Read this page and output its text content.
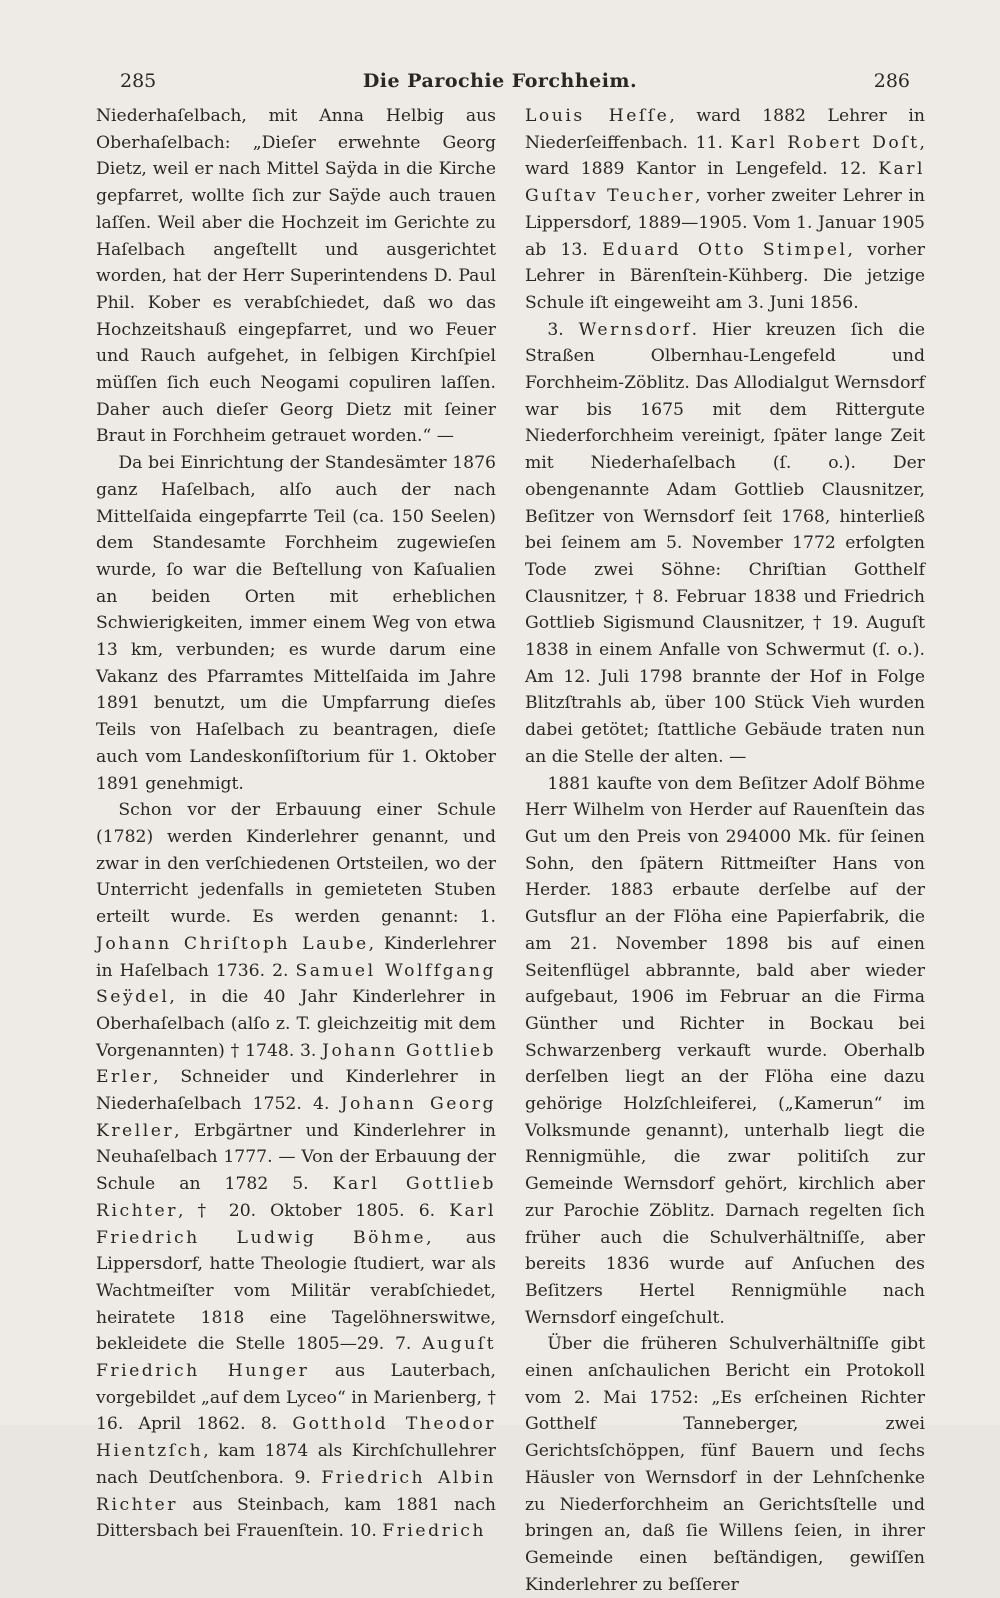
285	Die Parochie Forchheim.	286

Niederhaſelbach, mit Anna Helbig aus Oberhaſelbach: „Dieſer erwehnte Georg Dietz, weil er nach Mittel Saÿda in die Kirche gepfarret, wollte ſich zur Saÿde auch trauen laſſen. Weil aber die Hochzeit im Gerichte zu Haſelbach angeſtellt und ausgerichtet worden, hat der Herr Superintendens D. Paul Phil. Kober es verabſchiedet, daß wo das Hochzeitshauß eingepfarret, und wo Feuer und Rauch aufgehet, in ſelbigen Kirchſpiel müſſen ſich euch Neogami copuliren laſſen. Daher auch dieſer Georg Dietz mit ſeiner Braut in Forchheim getrauet worden.“ —

Da bei Einrichtung der Standesämter 1876 ganz Haſelbach, alſo auch der nach Mittelſaida eingepfarrte Teil (ca. 150 Seelen) dem Standesamte Forchheim zugewieſen wurde, ſo war die Beſtellung von Kaſualien an beiden Orten mit erheblichen Schwierigkeiten, immer einem Weg von etwa 13 km, verbunden; es wurde darum eine Vakanz des Pfarramtes Mittelſaida im Jahre 1891 benutzt, um die Umpfarrung dieſes Teils von Haſelbach zu beantragen, dieſe auch vom Landeskonſiſtorium für 1. Oktober 1891 genehmigt.

Schon vor der Erbauung einer Schule (1782) werden Kinderlehrer genannt, und zwar in den verſchiedenen Ortsteilen, wo der Unterricht jedenfalls in gemieteten Stuben erteilt wurde. Es werden genannt: 1. Johann Chriſtoph Laube, Kinderlehrer in Haſelbach 1736. 2. Samuel Wolffgang Seÿdel, in die 40 Jahr Kinderlehrer in Oberhaſelbach (alſo z. T. gleichzeitig mit dem Vorgenannten) † 1748. 3. Johann Gottlieb Erler, Schneider und Kinderlehrer in Niederhaſelbach 1752. 4. Johann Georg Kreller, Erbgärtner und Kinderlehrer in Neuhaſelbach 1777. — Von der Erbauung der Schule an 1782 5. Karl Gottlieb Richter, † 20. Oktober 1805. 6. Karl Friedrich Ludwig Böhme, aus Lippersdorf, hatte Theologie ſtudiert, war als Wachtmeiſter vom Militär verabſchiedet, heiratete 1818 eine Tagelöhnerswitwe, bekleidete die Stelle 1805—29. 7. Auguſt Friedrich Hunger aus Lauterbach, vorgebildet „auf dem Lyceo“ in Marienberg, † 16. April 1862. 8. Gotthold Theodor Hientzſch, kam 1874 als Kirchſchullehrer nach Deutſchenbora. 9. Friedrich Albin Richter aus Steinbach, kam 1881 nach Dittersbach bei Frauenſtein. 10. Friedrich

Louis Heſſe, ward 1882 Lehrer in Niederſeiffenbach. 11. Karl Robert Doſt, ward 1889 Kantor in Lengefeld. 12. Karl Guſtav Teucher, vorher zweiter Lehrer in Lippersdorf, 1889—1905. Vom 1. Januar 1905 ab 13. Eduard Otto Stimpel, vorher Lehrer in Bärenſtein-Kühberg. Die jetzige Schule iſt eingeweiht am 3. Juni 1856.

3. Wernsdorf. Hier kreuzen ſich die Straßen Olbernhau-Lengefeld und Forchheim-Zöblitz. Das Allodialgut Wernsdorf war bis 1675 mit dem Rittergute Niederforchheim vereinigt, ſpäter lange Zeit mit Niederhaſelbach (ſ. o.). Der obengenannte Adam Gottlieb Clausnitzer, Beſitzer von Wernsdorf ſeit 1768, hinterließ bei ſeinem am 5. November 1772 erfolgten Tode zwei Söhne: Chriſtian Gotthelf Clausnitzer, † 8. Februar 1838 und Friedrich Gottlieb Sigismund Clausnitzer, † 19. Auguſt 1838 in einem Anfalle von Schwermut (ſ. o.). Am 12. Juli 1798 brannte der Hof in Folge Blitzſtrahls ab, über 100 Stück Vieh wurden dabei getötet; ſtattliche Gebäude traten nun an die Stelle der alten. —

1881 kaufte von dem Beſitzer Adolf Böhme Herr Wilhelm von Herder auf Rauenſtein das Gut um den Preis von 294000 Mk. für ſeinen Sohn, den ſpätern Rittmeiſter Hans von Herder. 1883 erbaute derſelbe auf der Gutsflur an der Flöha eine Papierfabrik, die am 21. November 1898 bis auf einen Seitenflügel abbrannte, bald aber wieder aufgebaut, 1906 im Februar an die Firma Günther und Richter in Bockau bei Schwarzenberg verkauft wurde. Oberhalb derſelben liegt an der Flöha eine dazu gehörige Holzſchleiferei, („Kamerun“ im Volksmunde genannt), unterhalb liegt die Rennigmühle, die zwar politiſch zur Gemeinde Wernsdorf gehört, kirchlich aber zur Parochie Zöblitz. Darnach regelten ſich früher auch die Schulverhältniſſe, aber bereits 1836 wurde auf Anſuchen des Beſitzers Hertel Rennigmühle nach Wernsdorf eingeſchult.

Über die früheren Schulverhältniſſe gibt einen anſchaulichen Bericht ein Protokoll vom 2. Mai 1752: „Es erſcheinen Richter Gotthelf Tanneberger, zwei Gerichtsſchöppen, fünf Bauern und ſechs Häusler von Wernsdorf in der Lehnſchenke zu Niederforchheim an Gerichtsſtelle und bringen an, daß ſie Willens ſeien, in ihrer Gemeinde einen beſtändigen, gewiſſen Kinderlehrer zu beſſerer
